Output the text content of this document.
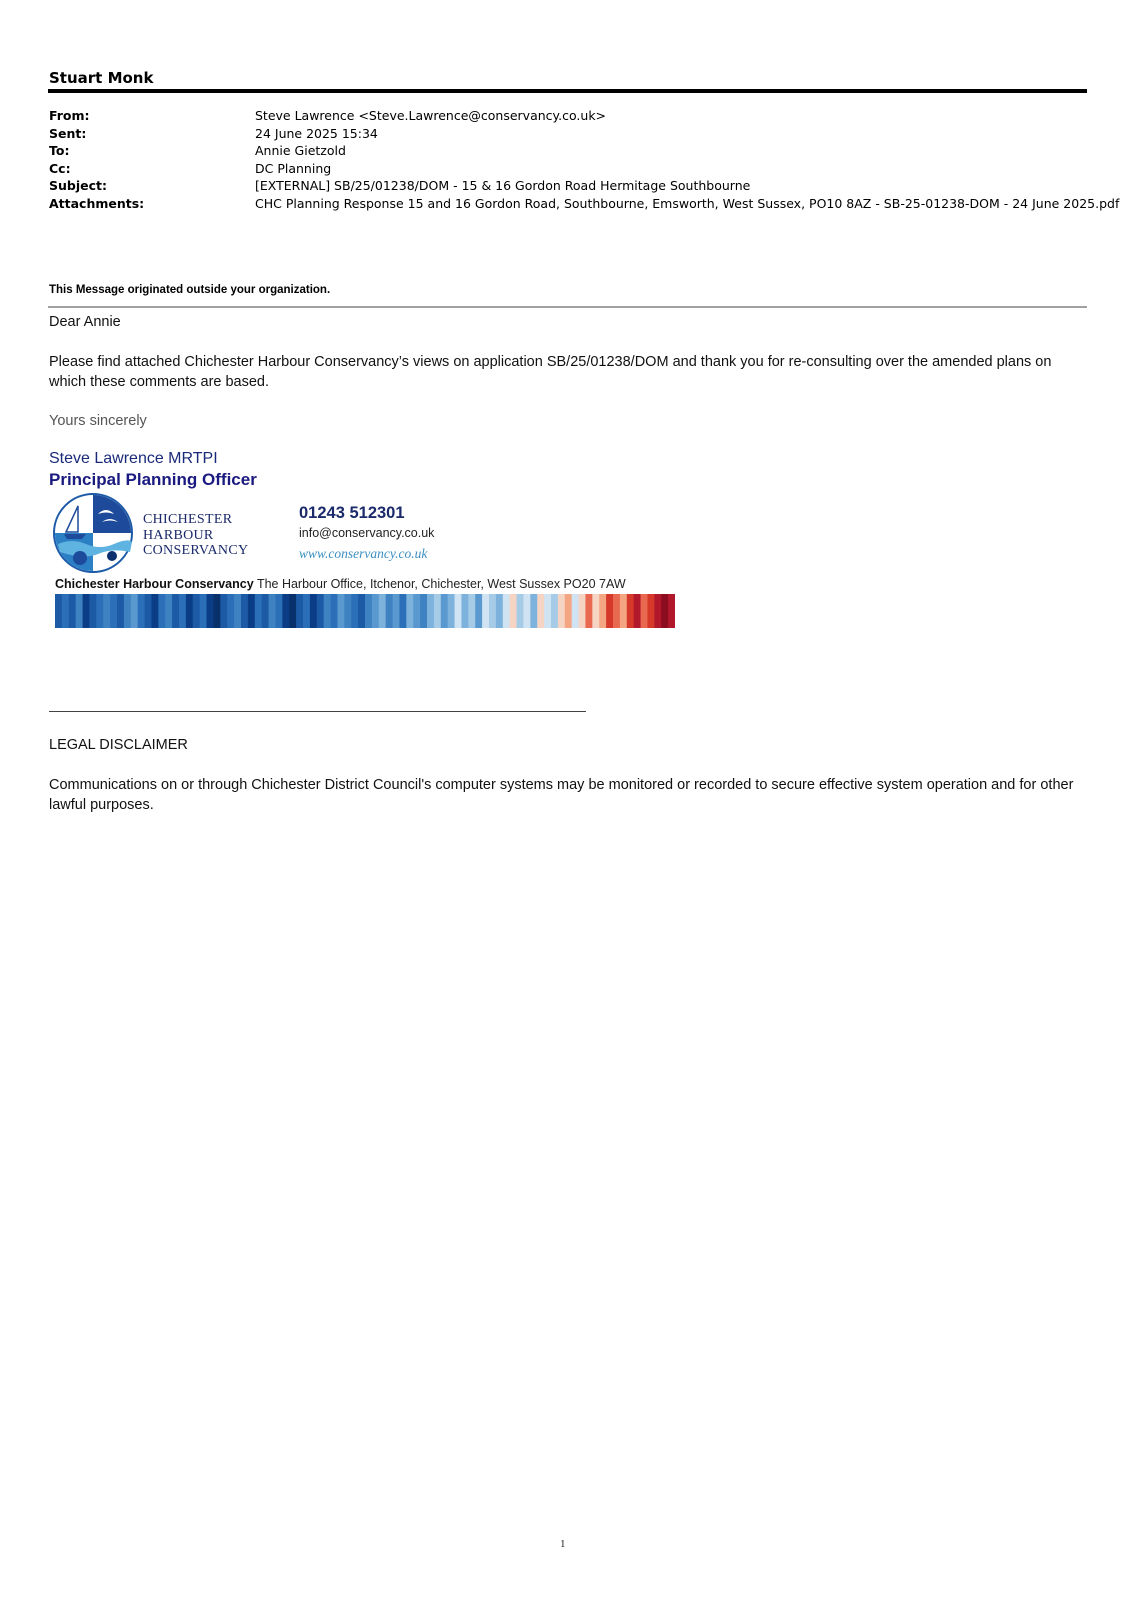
Stuart Monk
From:	Steve Lawrence <Steve.Lawrence@conservancy.co.uk>
Sent:	24 June 2025 15:34
To:	Annie Gietzold
Cc:	DC Planning
Subject:	[EXTERNAL] SB/25/01238/DOM - 15 & 16 Gordon Road Hermitage Southbourne
Attachments:	CHC Planning Response 15 and 16 Gordon Road, Southbourne, Emsworth, West Sussex, PO10 8AZ - SB-25-01238-DOM - 24 June 2025.pdf
This Message originated outside your organization.
Dear Annie
Please find attached Chichester Harbour Conservancy’s views on application SB/25/01238/DOM and thank you for re-consulting over the amended plans on which these comments are based.
Yours sincerely
Steve Lawrence MRTPI
Principal Planning Officer
CHICHESTER
HARBOUR
CONSERVANCY
01243 512301
info@conservancy.co.uk
www.conservancy.co.uk
Chichester Harbour Conservancy The Harbour Office, Itchenor, Chichester, West Sussex PO20 7AW
LEGAL DISCLAIMER
Communications on or through Chichester District Council's computer systems may be monitored or recorded to secure effective system operation and for other lawful purposes.
1
